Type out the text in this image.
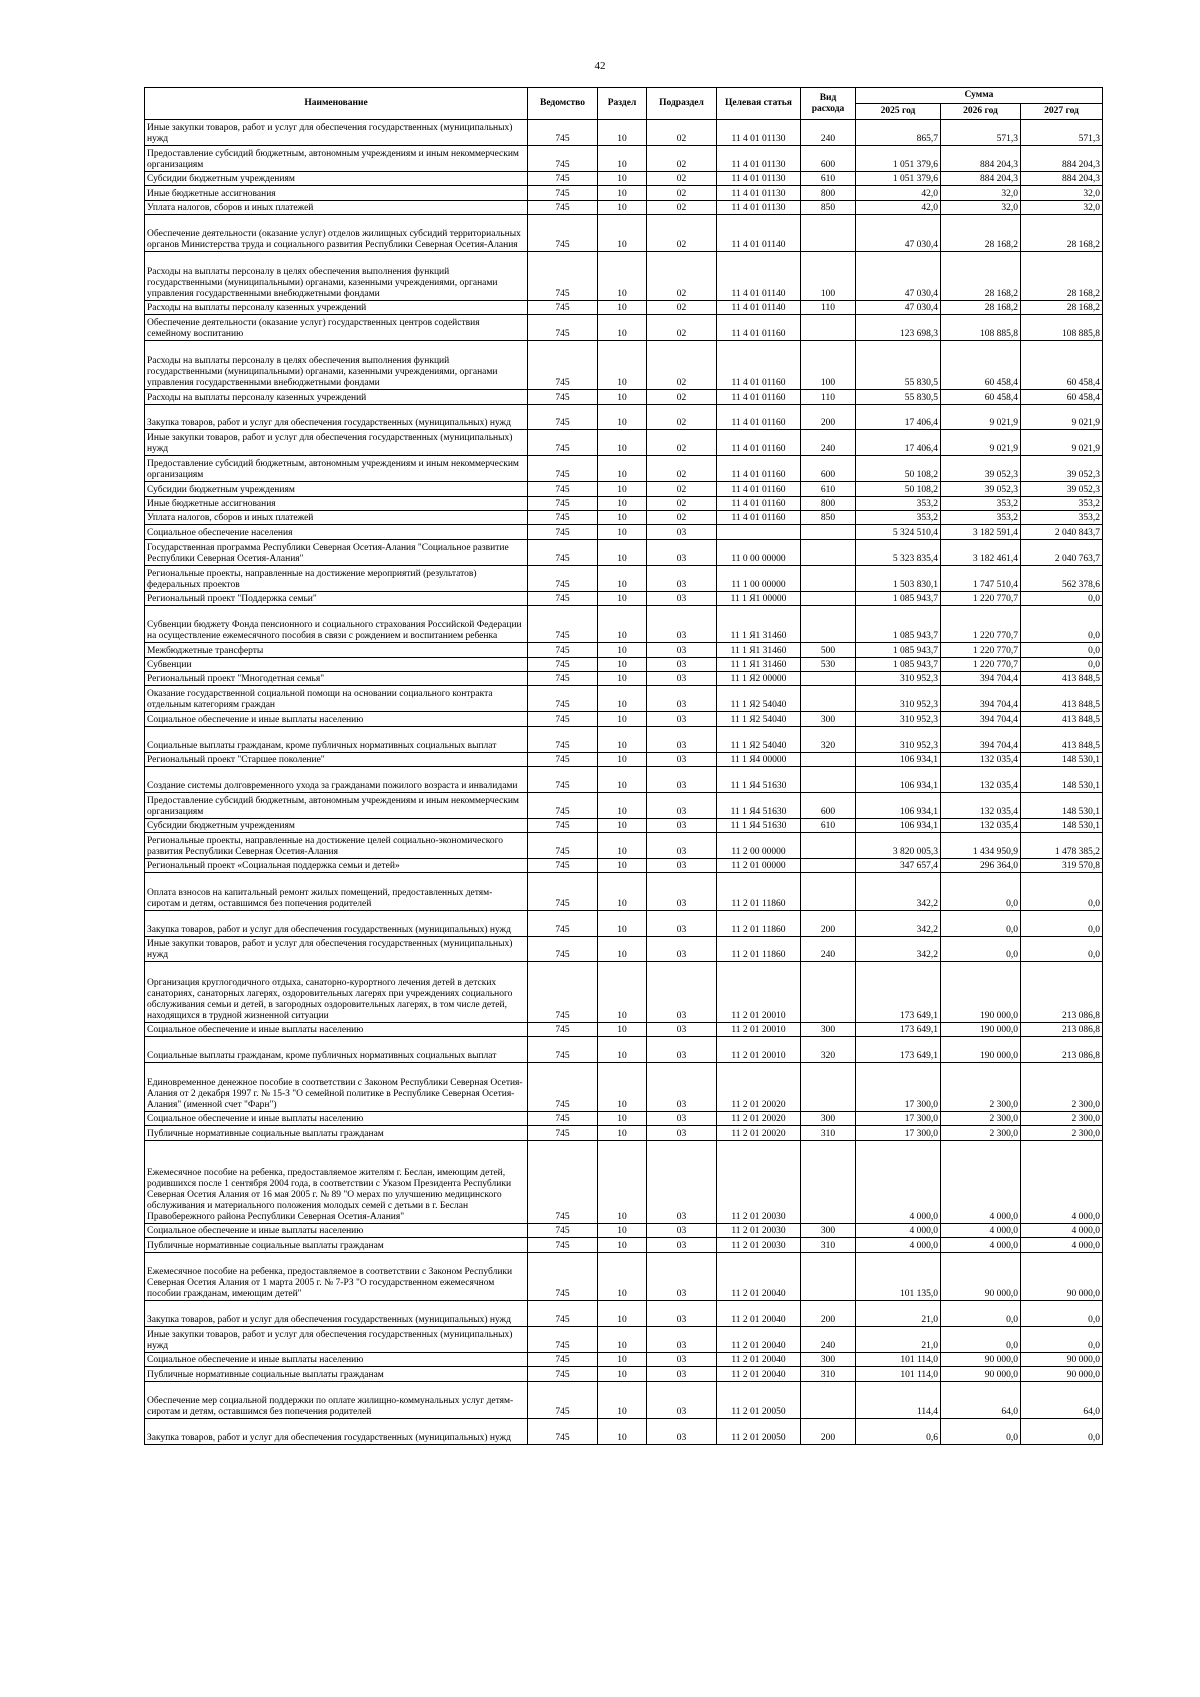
42
Наименование	Ведомство	Раздел	Подраздел	Целевая статья	Вид расхода	Сумма		
						2025 год	2026 год	2027 год
Иные закупки товаров, работ и услуг для обеспечения государственных (муниципальных) нужд	745	10	02	11 4 01 01130	240	865,7	571,3	571,3
Предоставление субсидий бюджетным, автономным учреждениям и иным некоммерческим организациям	745	10	02	11 4 01 01130	600	1 051 379,6	884 204,3	884 204,3
Субсидии бюджетным учреждениям	745	10	02	11 4 01 01130	610	1 051 379,6	884 204,3	884 204,3
Иные бюджетные ассигнования	745	10	02	11 4 01 01130	800	42,0	32,0	32,0
Уплата налогов, сборов и иных платежей	745	10	02	11 4 01 01130	850	42,0	32,0	32,0
Обеспечение деятельности (оказание услуг) отделов жилищных субсидий территориальных органов Министерства труда и социального развития Республики Северная Осетия-Алания	745	10	02	11 4 01 01140		47 030,4	28 168,2	28 168,2
Расходы на выплаты персоналу в целях обеспечения выполнения функций государственными (муниципальными) органами, казенными учреждениями, органами управления государственными внебюджетными фондами	745	10	02	11 4 01 01140	100	47 030,4	28 168,2	28 168,2
Расходы на выплаты персоналу казенных учреждений	745	10	02	11 4 01 01140	110	47 030,4	28 168,2	28 168,2
Обеспечение деятельности (оказание услуг) государственных центров содействия семейному воспитанию	745	10	02	11 4 01 01160		123 698,3	108 885,8	108 885,8
Расходы на выплаты персоналу в целях обеспечения выполнения функций государственными (муниципальными) органами, казенными учреждениями, органами управления государственными внебюджетными фондами	745	10	02	11 4 01 01160	100	55 830,5	60 458,4	60 458,4
Расходы на выплаты персоналу казенных учреждений	745	10	02	11 4 01 01160	110	55 830,5	60 458,4	60 458,4
Закупка товаров, работ и услуг для обеспечения государственных (муниципальных) нужд	745	10	02	11 4 01 01160	200	17 406,4	9 021,9	9 021,9
Иные закупки товаров, работ и услуг для обеспечения государственных (муниципальных) нужд	745	10	02	11 4 01 01160	240	17 406,4	9 021,9	9 021,9
Предоставление субсидий бюджетным, автономным учреждениям и иным некоммерческим организациям	745	10	02	11 4 01 01160	600	50 108,2	39 052,3	39 052,3
Субсидии бюджетным учреждениям	745	10	02	11 4 01 01160	610	50 108,2	39 052,3	39 052,3
Иные бюджетные ассигнования	745	10	02	11 4 01 01160	800	353,2	353,2	353,2
Уплата налогов, сборов и иных платежей	745	10	02	11 4 01 01160	850	353,2	353,2	353,2
Социальное обеспечение населения	745	10	03			5 324 510,4	3 182 591,4	2 040 843,7
Государственная программа Республики Северная Осетия-Алания "Социальное развитие Республики Северная Осетия-Алания"	745	10	03	11 0 00 00000		5 323 835,4	3 182 461,4	2 040 763,7
Региональные проекты, направленные на достижение мероприятий (результатов) федеральных проектов	745	10	03	11 1 00 00000		1 503 830,1	1 747 510,4	562 378,6
Региональный проект "Поддержка семьи"	745	10	03	11 1 Я1 00000		1 085 943,7	1 220 770,7	0,0
Субвенции бюджету Фонда пенсионного и социального страхования Российской Федерации на осуществление ежемесячного пособия в связи с рождением и воспитанием ребенка	745	10	03	11 1 Я1 31460		1 085 943,7	1 220 770,7	0,0
Межбюджетные трансферты	745	10	03	11 1 Я1 31460	500	1 085 943,7	1 220 770,7	0,0
Субвенции	745	10	03	11 1 Я1 31460	530	1 085 943,7	1 220 770,7	0,0
Региональный проект "Многодетная семья"	745	10	03	11 1 Я2 00000		310 952,3	394 704,4	413 848,5
Оказание государственной социальной помощи на основании социального контракта отдельным категориям граждан	745	10	03	11 1 Я2 54040		310 952,3	394 704,4	413 848,5
Социальное обеспечение и иные выплаты населению	745	10	03	11 1 Я2 54040	300	310 952,3	394 704,4	413 848,5
Социальные выплаты гражданам, кроме публичных нормативных социальных выплат	745	10	03	11 1 Я2 54040	320	310 952,3	394 704,4	413 848,5
Региональный проект "Старшее поколение"	745	10	03	11 1 Я4 00000		106 934,1	132 035,4	148 530,1
Создание системы долговременного ухода за гражданами пожилого возраста и инвалидами	745	10	03	11 1 Я4 51630		106 934,1	132 035,4	148 530,1
Предоставление субсидий бюджетным, автономным учреждениям и иным некоммерческим организациям	745	10	03	11 1 Я4 51630	600	106 934,1	132 035,4	148 530,1
Субсидии бюджетным учреждениям	745	10	03	11 1 Я4 51630	610	106 934,1	132 035,4	148 530,1
Региональные проекты, направленные на достижение целей социально-экономического развития Республики Северная Осетия-Алания	745	10	03	11 2 00 00000		3 820 005,3	1 434 950,9	1 478 385,2
Региональный проект «Социальная поддержка семьи и детей»	745	10	03	11 2 01 00000		347 657,4	296 364,0	319 570,8
Оплата взносов на капитальный ремонт жилых помещений, предоставленных детям-сиротам и детям, оставшимся без попечения родителей	745	10	03	11 2 01 11860		342,2	0,0	0,0
Закупка товаров, работ и услуг для обеспечения государственных (муниципальных) нужд	745	10	03	11 2 01 11860	200	342,2	0,0	0,0
Иные закупки товаров, работ и услуг для обеспечения государственных (муниципальных) нужд	745	10	03	11 2 01 11860	240	342,2	0,0	0,0
Организация круглогодичного отдыха, санаторно-курортного лечения детей в детских санаториях, санаторных лагерях, оздоровительных лагерях при учреждениях социального обслуживания семьи и детей, в загородных оздоровительных лагерях, в том числе детей, находящихся в трудной жизненной ситуации	745	10	03	11 2 01 20010		173 649,1	190 000,0	213 086,8
Социальное обеспечение и иные выплаты населению	745	10	03	11 2 01 20010	300	173 649,1	190 000,0	213 086,8
Социальные выплаты гражданам, кроме публичных нормативных социальных выплат	745	10	03	11 2 01 20010	320	173 649,1	190 000,0	213 086,8
Единовременное денежное пособие в соответствии с Законом Республики Северная Осетия-Алания от 2 декабря 1997 г. № 15-З "О семейной политике в Республике Северная Осетия-Алания" (именной счет "Фарн")	745	10	03	11 2 01 20020		17 300,0	2 300,0	2 300,0
Социальное обеспечение и иные выплаты населению	745	10	03	11 2 01 20020	300	17 300,0	2 300,0	2 300,0
Публичные нормативные социальные выплаты гражданам	745	10	03	11 2 01 20020	310	17 300,0	2 300,0	2 300,0
Ежемесячное пособие на ребенка, предоставляемое жителям г. Беслан, имеющим детей, родившихся после 1 сентября 2004 года, в соответствии с Указом Президента Республики Северная Осетия Алания от 16 мая 2005 г. № 89 "О мерах по улучшению медицинского обслуживания и материального положения молодых семей с детьми в г. Беслан Правобережного района Республики Северная Осетия-Алания"	745	10	03	11 2 01 20030		4 000,0	4 000,0	4 000,0
Социальное обеспечение и иные выплаты населению	745	10	03	11 2 01 20030	300	4 000,0	4 000,0	4 000,0
Публичные нормативные социальные выплаты гражданам	745	10	03	11 2 01 20030	310	4 000,0	4 000,0	4 000,0
Ежемесячное пособие на ребенка, предоставляемое в соответствии с Законом Республики Северная Осетия Алания от 1 марта 2005 г. № 7-РЗ "О государственном ежемесячном пособии гражданам, имеющим детей"	745	10	03	11 2 01 20040		101 135,0	90 000,0	90 000,0
Закупка товаров, работ и услуг для обеспечения государственных (муниципальных) нужд	745	10	03	11 2 01 20040	200	21,0	0,0	0,0
Иные закупки товаров, работ и услуг для обеспечения государственных (муниципальных) нужд	745	10	03	11 2 01 20040	240	21,0	0,0	0,0
Социальное обеспечение и иные выплаты населению	745	10	03	11 2 01 20040	300	101 114,0	90 000,0	90 000,0
Публичные нормативные социальные выплаты гражданам	745	10	03	11 2 01 20040	310	101 114,0	90 000,0	90 000,0
Обеспечение мер социальной поддержки по оплате жилищно-коммунальных услуг детям-сиротам и детям, оставшимся без попечения родителей	745	10	03	11 2 01 20050		114,4	64,0	64,0
Закупка товаров, работ и услуг для обеспечения государственных (муниципальных) нужд	745	10	03	11 2 01 20050	200	0,6	0,0	0,0
